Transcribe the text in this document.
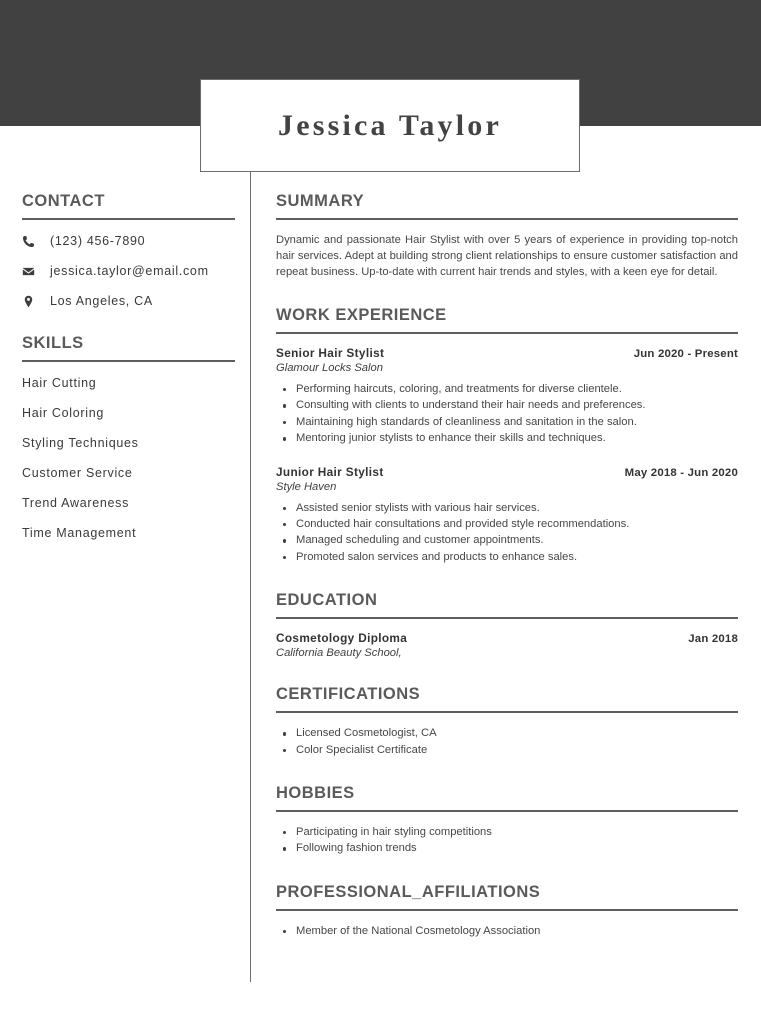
Jessica Taylor
CONTACT
(123) 456-7890
jessica.taylor@email.com
Los Angeles, CA
SKILLS
Hair Cutting
Hair Coloring
Styling Techniques
Customer Service
Trend Awareness
Time Management
SUMMARY

Dynamic and passionate Hair Stylist with over 5 years of experience in providing top-notch hair services. Adept at building strong client relationships to ensure customer satisfaction and repeat business. Up-to-date with current hair trends and styles, with a keen eye for detail.

WORK EXPERIENCE
Senior Hair Stylist	Jun 2020 - Present
Glamour Locks Salon
Performing haircuts, coloring, and treatments for diverse clientele.
Consulting with clients to understand their hair needs and preferences.
Maintaining high standards of cleanliness and sanitation in the salon.
Mentoring junior stylists to enhance their skills and techniques.
Junior Hair Stylist	May 2018 - Jun 2020
Style Haven
Assisted senior stylists with various hair services.
Conducted hair consultations and provided style recommendations.
Managed scheduling and customer appointments.
Promoted salon services and products to enhance sales.
EDUCATION
Cosmetology Diploma	Jan 2018
California Beauty School,
CERTIFICATIONS
Licensed Cosmetologist, CA
Color Specialist Certificate
HOBBIES
Participating in hair styling competitions
Following fashion trends
PROFESSIONAL_AFFILIATIONS
Member of the National Cosmetology Association
